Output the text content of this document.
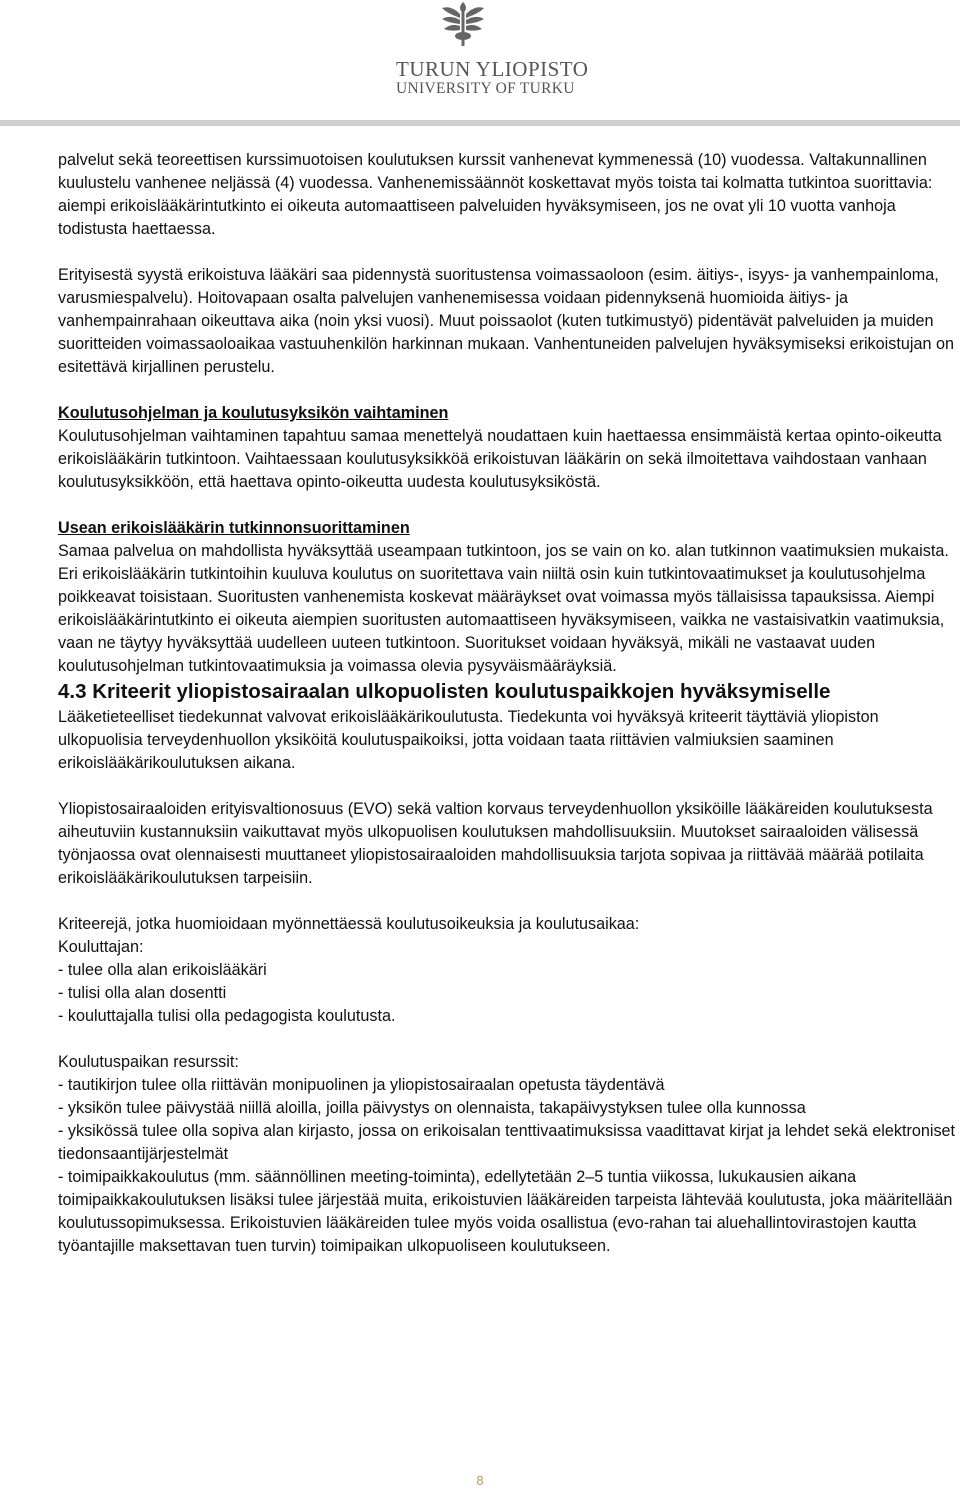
TURUN YLIOPISTO
UNIVERSITY OF TURKU

palvelut sekä teoreettisen kurssimuotoisen koulutuksen kurssit vanhenevat kymmenessä (10) vuodessa. Valtakunnallinen kuulustelu vanhenee neljässä (4) vuodessa. Vanhenemissäännöt koskettavat myös toista tai kolmatta tutkintoa suorittavia: aiempi erikoislääkärintutkinto ei oikeuta automaattiseen palveluiden hyväksymiseen, jos ne ovat yli 10 vuotta vanhoja todistusta haettaessa.

Erityisestä syystä erikoistuva lääkäri saa pidennystä suoritustensa voimassaoloon (esim. äitiys-, isyys- ja vanhempainloma, varusmiespalvelu). Hoitovapaan osalta palvelujen vanhenemisessa voidaan pidennyksenä huomioida äitiys- ja vanhempainrahaan oikeuttava aika (noin yksi vuosi). Muut poissaolot (kuten tutkimustyö) pidentävät palveluiden ja muiden suoritteiden voimassaoloaikaa vastuuhenkilön harkinnan mukaan. Vanhentuneiden palvelujen hyväksymiseksi erikoistujan on esitettävä kirjallinen perustelu.

Koulutusohjelman ja koulutusyksikön vaihtaminen

Koulutusohjelman vaihtaminen tapahtuu samaa menettelyä noudattaen kuin haettaessa ensimmäistä kertaa opinto-oikeutta erikoislääkärin tutkintoon. Vaihtaessaan koulutusyksikköä erikoistuvan lääkärin on sekä ilmoitettava vaihdostaan vanhaan koulutusyksikköön, että haettava opinto-oikeutta uudesta koulutusyksiköstä.

Usean erikoislääkärin tutkinnonsuorittaminen

Samaa palvelua on mahdollista hyväksyttää useampaan tutkintoon, jos se vain on ko. alan tutkinnon vaatimuksien mukaista. Eri erikoislääkärin tutkintoihin kuuluva koulutus on suoritettava vain niiltä osin kuin tutkintovaatimukset ja koulutusohjelma poikkeavat toisistaan. Suoritusten vanhenemista koskevat määräykset ovat voimassa myös tällaisissa tapauksissa. Aiempi erikoislääkärintutkinto ei oikeuta aiempien suoritusten automaattiseen hyväksymiseen, vaikka ne vastaisivatkin vaatimuksia, vaan ne täytyy hyväksyttää uudelleen uuteen tutkintoon. Suoritukset voidaan hyväksyä, mikäli ne vastaavat uuden koulutusohjelman tutkintovaatimuksia ja voimassa olevia pysyväismääräyksiä.

4.3 Kriteerit yliopistosairaalan ulkopuolisten koulutuspaikkojen hyväksymiselle

Lääketieteelliset tiedekunnat valvovat erikoislääkärikoulutusta. Tiedekunta voi hyväksyä kriteerit täyttäviä yliopiston ulkopuolisia terveydenhuollon yksiköitä koulutuspaikoiksi, jotta voidaan taata riittävien valmiuksien saaminen erikoislääkärikoulutuksen aikana.

Yliopistosairaaloiden erityisvaltionosuus (EVO) sekä valtion korvaus terveydenhuollon yksiköille lääkäreiden koulutuksesta aiheutuviin kustannuksiin vaikuttavat myös ulkopuolisen koulutuksen mahdollisuuksiin. Muutokset sairaaloiden välisessä työnjaossa ovat olennaisesti muuttaneet yliopistosairaaloiden mahdollisuuksia tarjota sopivaa ja riittävää määrää potilaita erikoislääkärikoulutuksen tarpeisiin.

Kriteerejä, jotka huomioidaan myönnettäessä koulutusoikeuksia ja koulutusaikaa:

Kouluttajan:

- tulee olla alan erikoislääkäri

- tulisi olla alan dosentti

- kouluttajalla tulisi olla pedagogista koulutusta.

Koulutuspaikan resurssit:

- tautikirjon tulee olla riittävän monipuolinen ja yliopistosairaalan opetusta täydentävä

- yksikön tulee päivystää niillä aloilla, joilla päivystys on olennaista, takapäivystyksen tulee olla kunnossa

- yksikössä tulee olla sopiva alan kirjasto, jossa on erikoisalan tenttivaatimuksissa vaadittavat kirjat ja lehdet sekä elektroniset tiedonsaantijärjestelmät

- toimipaikkakoulutus (mm. säännöllinen meeting-toiminta), edellytetään 2–5 tuntia viikossa, lukukausien aikana toimipaikkakoulutuksen lisäksi tulee järjestää muita, erikoistuvien lääkäreiden tarpeista lähtevää koulutusta, joka määritellään koulutussopimuksessa. Erikoistuvien lääkäreiden tulee myös voida osallistua (evo-rahan tai aluehallintovirastojen kautta työantajille maksettavan tuen turvin) toimipaikan ulkopuoliseen koulutukseen.

8
